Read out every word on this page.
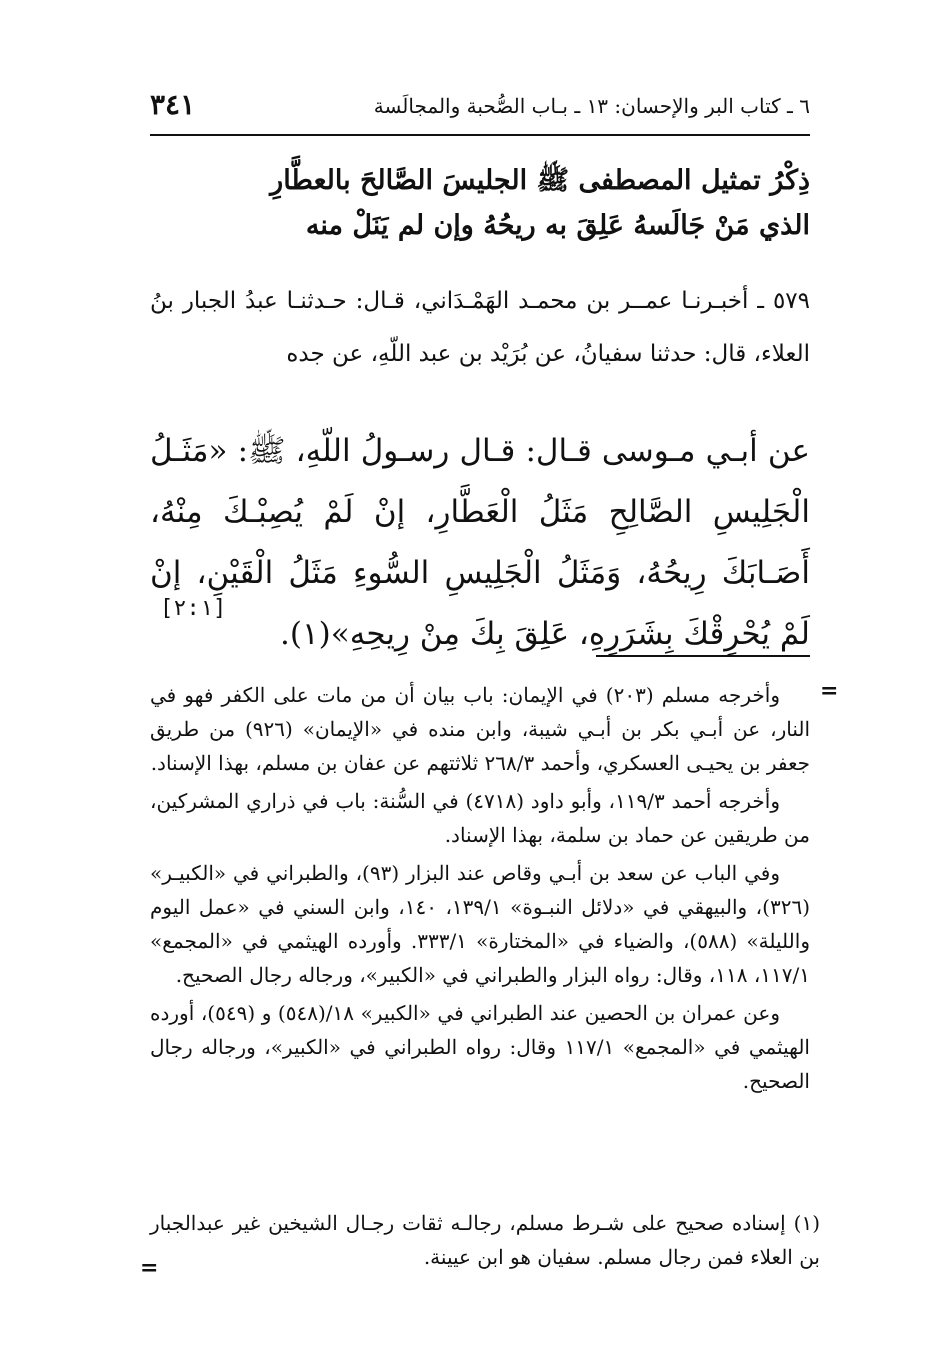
٣٤١	٦ ـ كتاب البر والإحسان: ١٣ ـ بـاب الصُّحبة والمجالَسة
ذِكْرُ تمثيل المصطفى ﷺ الجليسَ الصَّالحَ بالعطَّارِ
الذي مَنْ جَالَسهُ عَلِقَ به ريحُهُ وإن لم يَنَلْ منه
٥٧٩ ـ أخبـرنـا عمــر بن محمـد الهَمْـدَاني، قـال: حـدثنـا عبدُ الجبار بنُ العلاء، قال: حدثنا سفيانُ، عن بُرَيْد بن عبد اللّهِ، عن جده
عن أبـي مـوسى قـال: قـال رسـولُ اللّهِ، ﷺ: «مَثَـلُ الْجَلِيسِ الصَّالِحِ مَثَلُ الْعَطَّارِ، إنْ لَمْ يُصِبْـكَ مِنْهُ، أَصَـابَكَ رِيحُهُ، وَمَثَلُ الْجَلِيسِ السُّوءِ مَثَلُ الْقَيْنِ، إنْ لَمْ يُحْرِقْكَ بِشَرَرِهِ، عَلِقَ بِكَ مِنْ رِيحِهِ»(١).
[٢:١]
=

وأخرجه مسلم (٢٠٣) في الإيمان: باب بيان أن من مات على الكفر فهو في النار، عن أبـي بكر بن أبـي شيبة، وابن منده في «الإيمان» (٩٢٦) من طريق جعفر بن يحيـى العسكري، وأحمد ٢٦٨/٣ ثلاثتهم عن عفان بن مسلم، بهذا الإسناد.

وأخرجه أحمد ١١٩/٣، وأبو داود (٤٧١٨) في السُّنة: باب في ذراري المشركين، من طريقين عن حماد بن سلمة، بهذا الإسناد.

وفي الباب عن سعد بن أبـي وقاص عند البزار (٩٣)، والطبراني في «الكبيـر» (٣٢٦)، والبيهقي في «دلائل النبـوة» ١٣٩/١، ١٤٠، وابن السني في «عمل اليوم والليلة» (٥٨٨)، والضياء في «المختارة» ٣٣٣/١. وأورده الهيثمي في «المجمع» ١١٧/١، ١١٨، وقال: رواه البزار والطبراني في «الكبير»، ورجاله رجال الصحيح.

وعن عمران بن الحصين عند الطبراني في «الكبير» ١٨/(٥٤٨) و (٥٤٩)، أورده الهيثمي في «المجمع» ١١٧/١ وقال: رواه الطبراني في «الكبير»، ورجاله رجال الصحيح.

(١) إسناده صحيح على شـرط مسلم، رجالـه ثقات رجـال الشيخين غير عبدالجبار بن العلاء فمن رجال مسلم. سفيان هو ابن عيينة.
=
